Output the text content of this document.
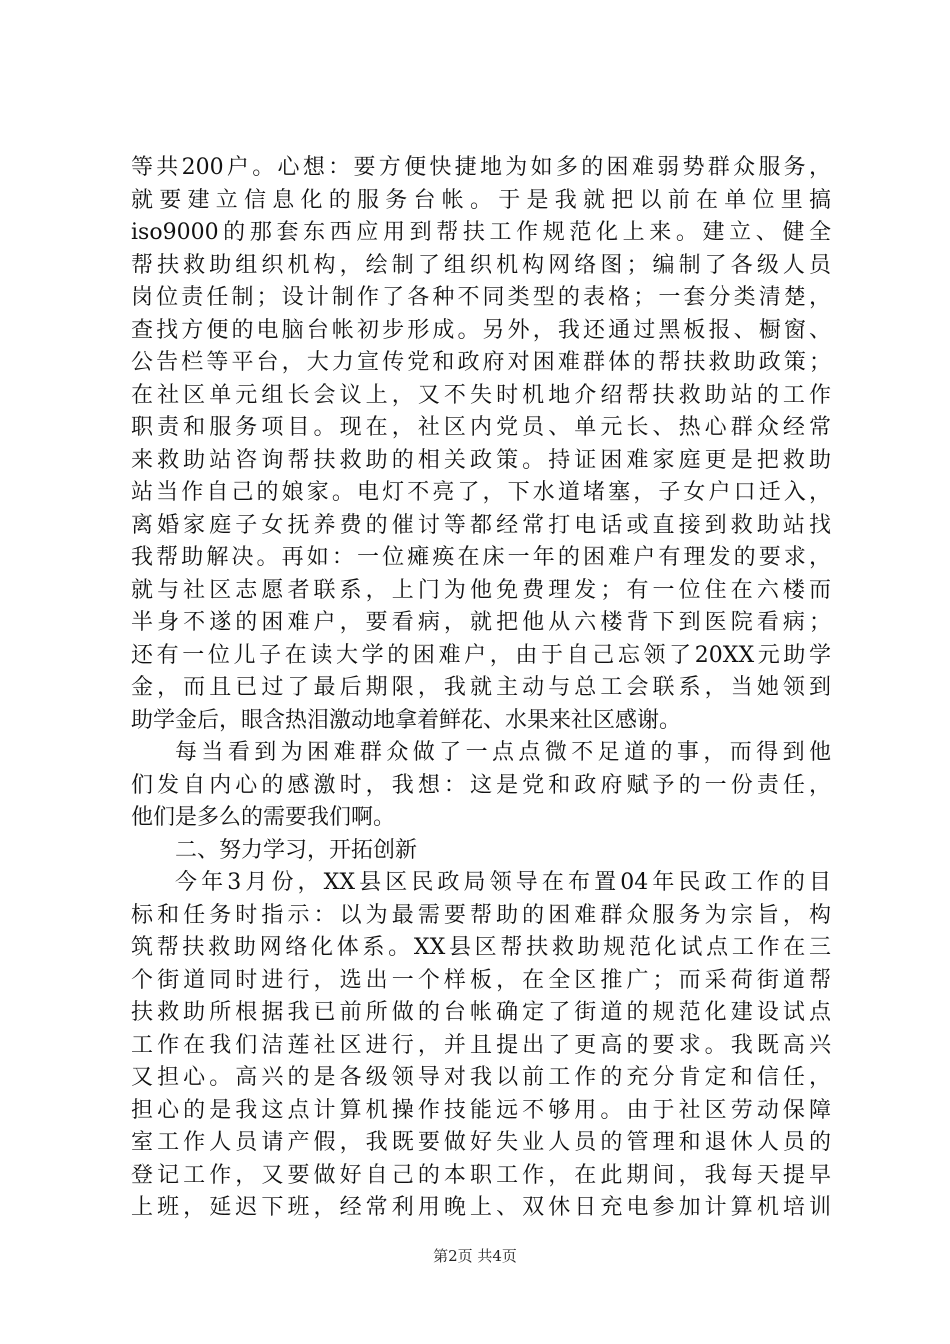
等共200户。心想：要方便快捷地为如多的困难弱势群众服务，
就要建立信息化的服务台帐。于是我就把以前在单位里搞
iso9000的那套东西应用到帮扶工作规范化上来。建立、健全
帮扶救助组织机构，绘制了组织机构网络图；编制了各级人员
岗位责任制；设计制作了各种不同类型的表格；一套分类清楚，
查找方便的电脑台帐初步形成。另外，我还通过黑板报、橱窗、
公告栏等平台，大力宣传党和政府对困难群体的帮扶救助政策；
在社区单元组长会议上，又不失时机地介绍帮扶救助站的工作
职责和服务项目。现在，社区内党员、单元长、热心群众经常
来救助站咨询帮扶救助的相关政策。持证困难家庭更是把救助
站当作自己的娘家。电灯不亮了，下水道堵塞，子女户口迁入，
离婚家庭子女抚养费的催讨等都经常打电话或直接到救助站找
我帮助解决。再如：一位瘫痪在床一年的困难户有理发的要求，
就与社区志愿者联系，上门为他免费理发；有一位住在六楼而
半身不遂的困难户，要看病，就把他从六楼背下到医院看病；
还有一位儿子在读大学的困难户，由于自己忘领了20XX元助学
金，而且已过了最后期限，我就主动与总工会联系，当她领到
助学金后，眼含热泪激动地拿着鲜花、水果来社区感谢。
每当看到为困难群众做了一点点微不足道的事，而得到他
们发自内心的感激时，我想：这是党和政府赋予的一份责任，
他们是多么的需要我们啊。
二、努力学习，开拓创新
今年3月份，XX县区民政局领导在布置04年民政工作的目
标和任务时指示：以为最需要帮助的困难群众服务为宗旨，构
筑帮扶救助网络化体系。XX县区帮扶救助规范化试点工作在三
个街道同时进行，选出一个样板，在全区推广；而采荷街道帮
扶救助所根据我已前所做的台帐确定了街道的规范化建设试点
工作在我们洁莲社区进行，并且提出了更高的要求。我既高兴
又担心。高兴的是各级领导对我以前工作的充分肯定和信任，
担心的是我这点计算机操作技能远不够用。由于社区劳动保障
室工作人员请产假，我既要做好失业人员的管理和退休人员的
登记工作，又要做好自己的本职工作，在此期间，我每天提早
上班，延迟下班，经常利用晚上、双休日充电参加计算机培训
第2页 共4页
